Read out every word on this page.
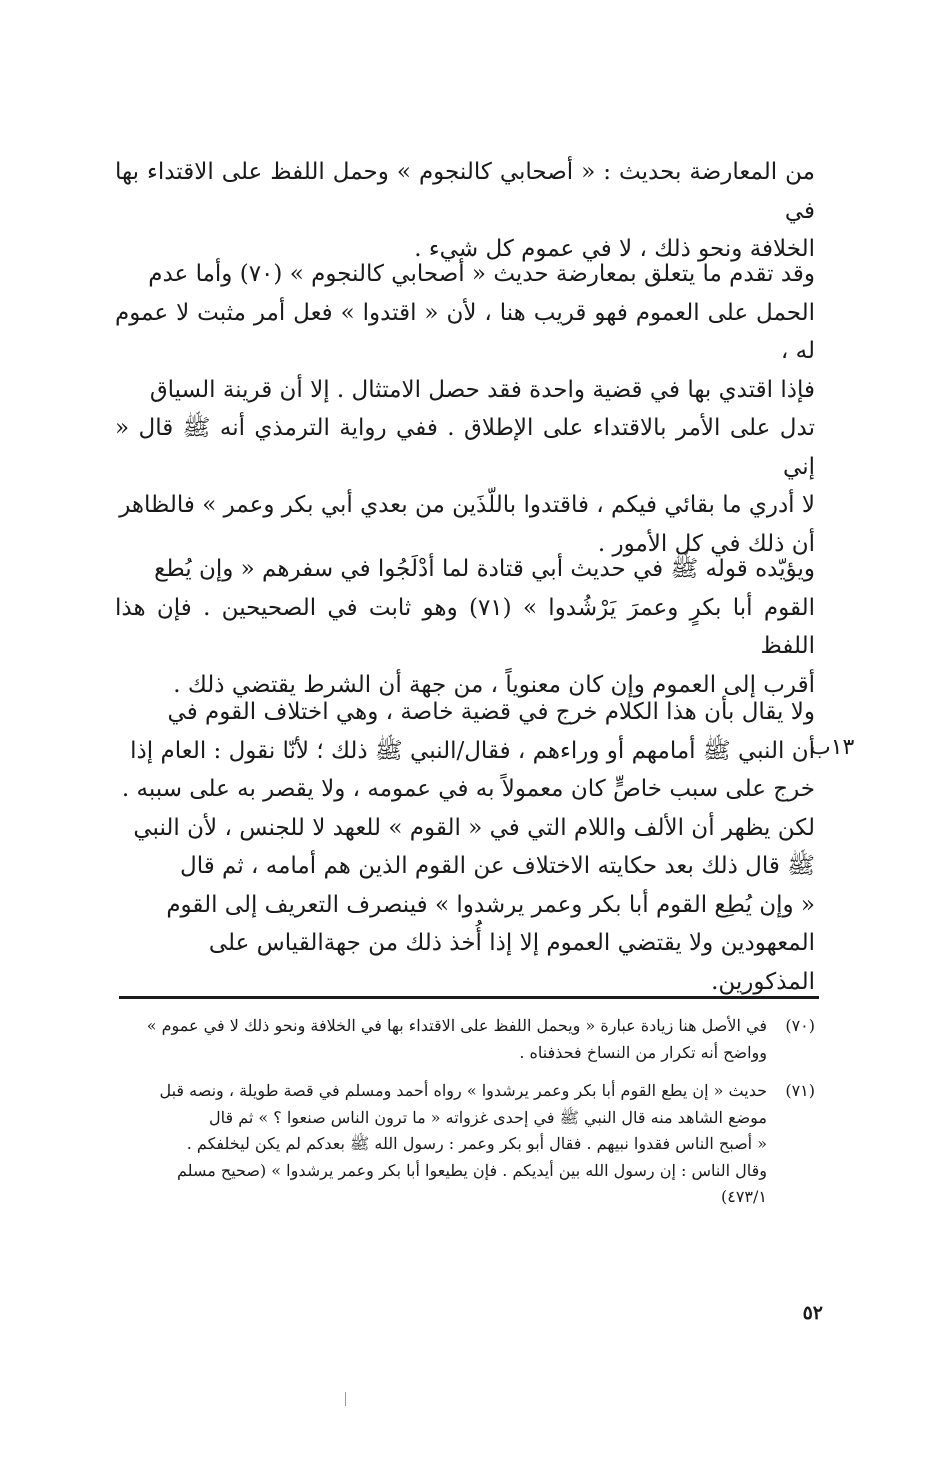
من المعارضة بحديث : « أصحابي كالنجوم » وحمل اللفظ على الاقتداء بها في

الخلافة ونحو ذلك ، لا في عموم كل شيء .

وقد تقدم ما يتعلق بمعارضة حديث « أصحابي كالنجوم » (٧٠) وأما عدم

الحمل على العموم فهو قريب هنا ، لأن « اقتدوا » فعل أمر مثبت لا عموم له ،

فإذا اقتدي بها في قضية واحدة فقد حصل الامتثال . إلا أن قرينة السياق

تدل على الأمر بالاقتداء على الإطلاق . ففي رواية الترمذي أنه ﷺ قال « إني

لا أدري ما بقائي فيكم ، فاقتدوا باللّذَين من بعدي أبي بكر وعمر » فالظاهر

أن ذلك في كل الأمور .

ويؤيّده قوله ﷺ في حديث أبي قتادة لما أدْلَجُوا في سفرهم « وإن يُطع

القوم أبا بكرٍ وعمرَ يَرْشُدوا » (٧١) وهو ثابت في الصحيحين . فإن هذا اللفظ

أقرب إلى العموم وإن كان معنوياً ، من جهة أن الشرط يقتضي ذلك .

ولا يقال بأن هذا الكلام خرج في قضية خاصة ، وهي اختلاف القوم في

أن النبي ﷺ أمامهم أو وراءهم ، فقال/النبي ﷺ ذلك ؛ لأنّا نقول : العام إذا

خرج على سبب خاصٍّ كان معمولاً به في عمومه ، ولا يقصر به على سببه .

لكن يظهر أن الألف واللام التي في « القوم » للعهد لا للجنس ، لأن النبي

ﷺ قال ذلك بعد حكايته الاختلاف عن القوم الذين هم أمامه ، ثم قال

« وإن يُطِع القوم أبا بكر وعمر يرشدوا » فينصرف التعريف إلى القوم

المعهودين ولا يقتضي العموم إلا إذا أُخذ ذلك من جهةالقياس على المذكورين.

١٣ب
(٧٠)
في الأصل هنا زيادة عبارة « ويحمل اللفظ على الاقتداء بها في الخلافة ونحو ذلك لا في عموم »
وواضح أنه تكرار من النساخ فحذفناه .
(٧١)
حديث « إن يطع القوم أبا بكر وعمر يرشدوا » رواه أحمد ومسلم في قصة طويلة ، ونصه قبل
موضع الشاهد منه قال النبي ﷺ في إحدى غزواته « ما ترون الناس صنعوا ؟ » ثم قال
« أصبح الناس فقدوا نبيهم . فقال أبو بكر وعمر : رسول الله ﷺ بعدكم لم يكن ليخلفكم .
وقال الناس : إن رسول الله بين أيديكم . فإن يطيعوا أبا بكر وعمر يرشدوا » (صحيح مسلم
٤٧٣/١)
٥٢
